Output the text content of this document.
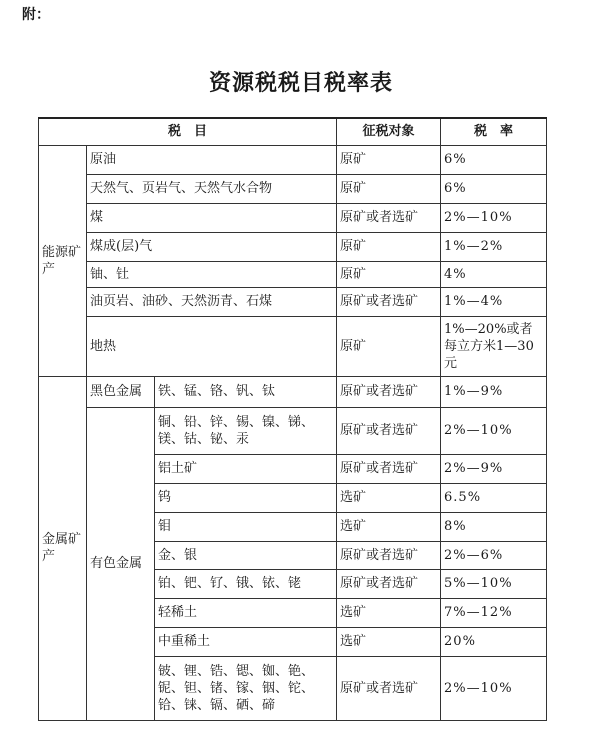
附：
资源税税目税率表
税　目			征税对象	税　率
能源矿产	原油		原矿	6%
	天然气、页岩气、天然气水合物		原矿	6%
	煤		原矿或者选矿	2%—10%
	煤成(层)气		原矿	1%—2%
	铀、钍		原矿	4%
	油页岩、油砂、天然沥青、石煤		原矿或者选矿	1%—4%
	地热		原矿	1%—20%或者每立方米1—30元
金属矿产	黑色金属	铁、锰、铬、钒、钛	原矿或者选矿	1%—9%
	有色金属	铜、铅、锌、锡、镍、锑、镁、钴、铋、汞	原矿或者选矿	2%—10%
		铝土矿	原矿或者选矿	2%—9%
		钨	选矿	6.5%
		钼	选矿	8%
		金、银	原矿或者选矿	2%—6%
		铂、钯、钌、锇、铱、铑	原矿或者选矿	5%—10%
		轻稀土	选矿	7%—12%
		中重稀土	选矿	20%
		铍、锂、锆、锶、铷、铯、铌、钽、锗、镓、铟、铊、铪、铼、镉、硒、碲	原矿或者选矿	2%—10%
